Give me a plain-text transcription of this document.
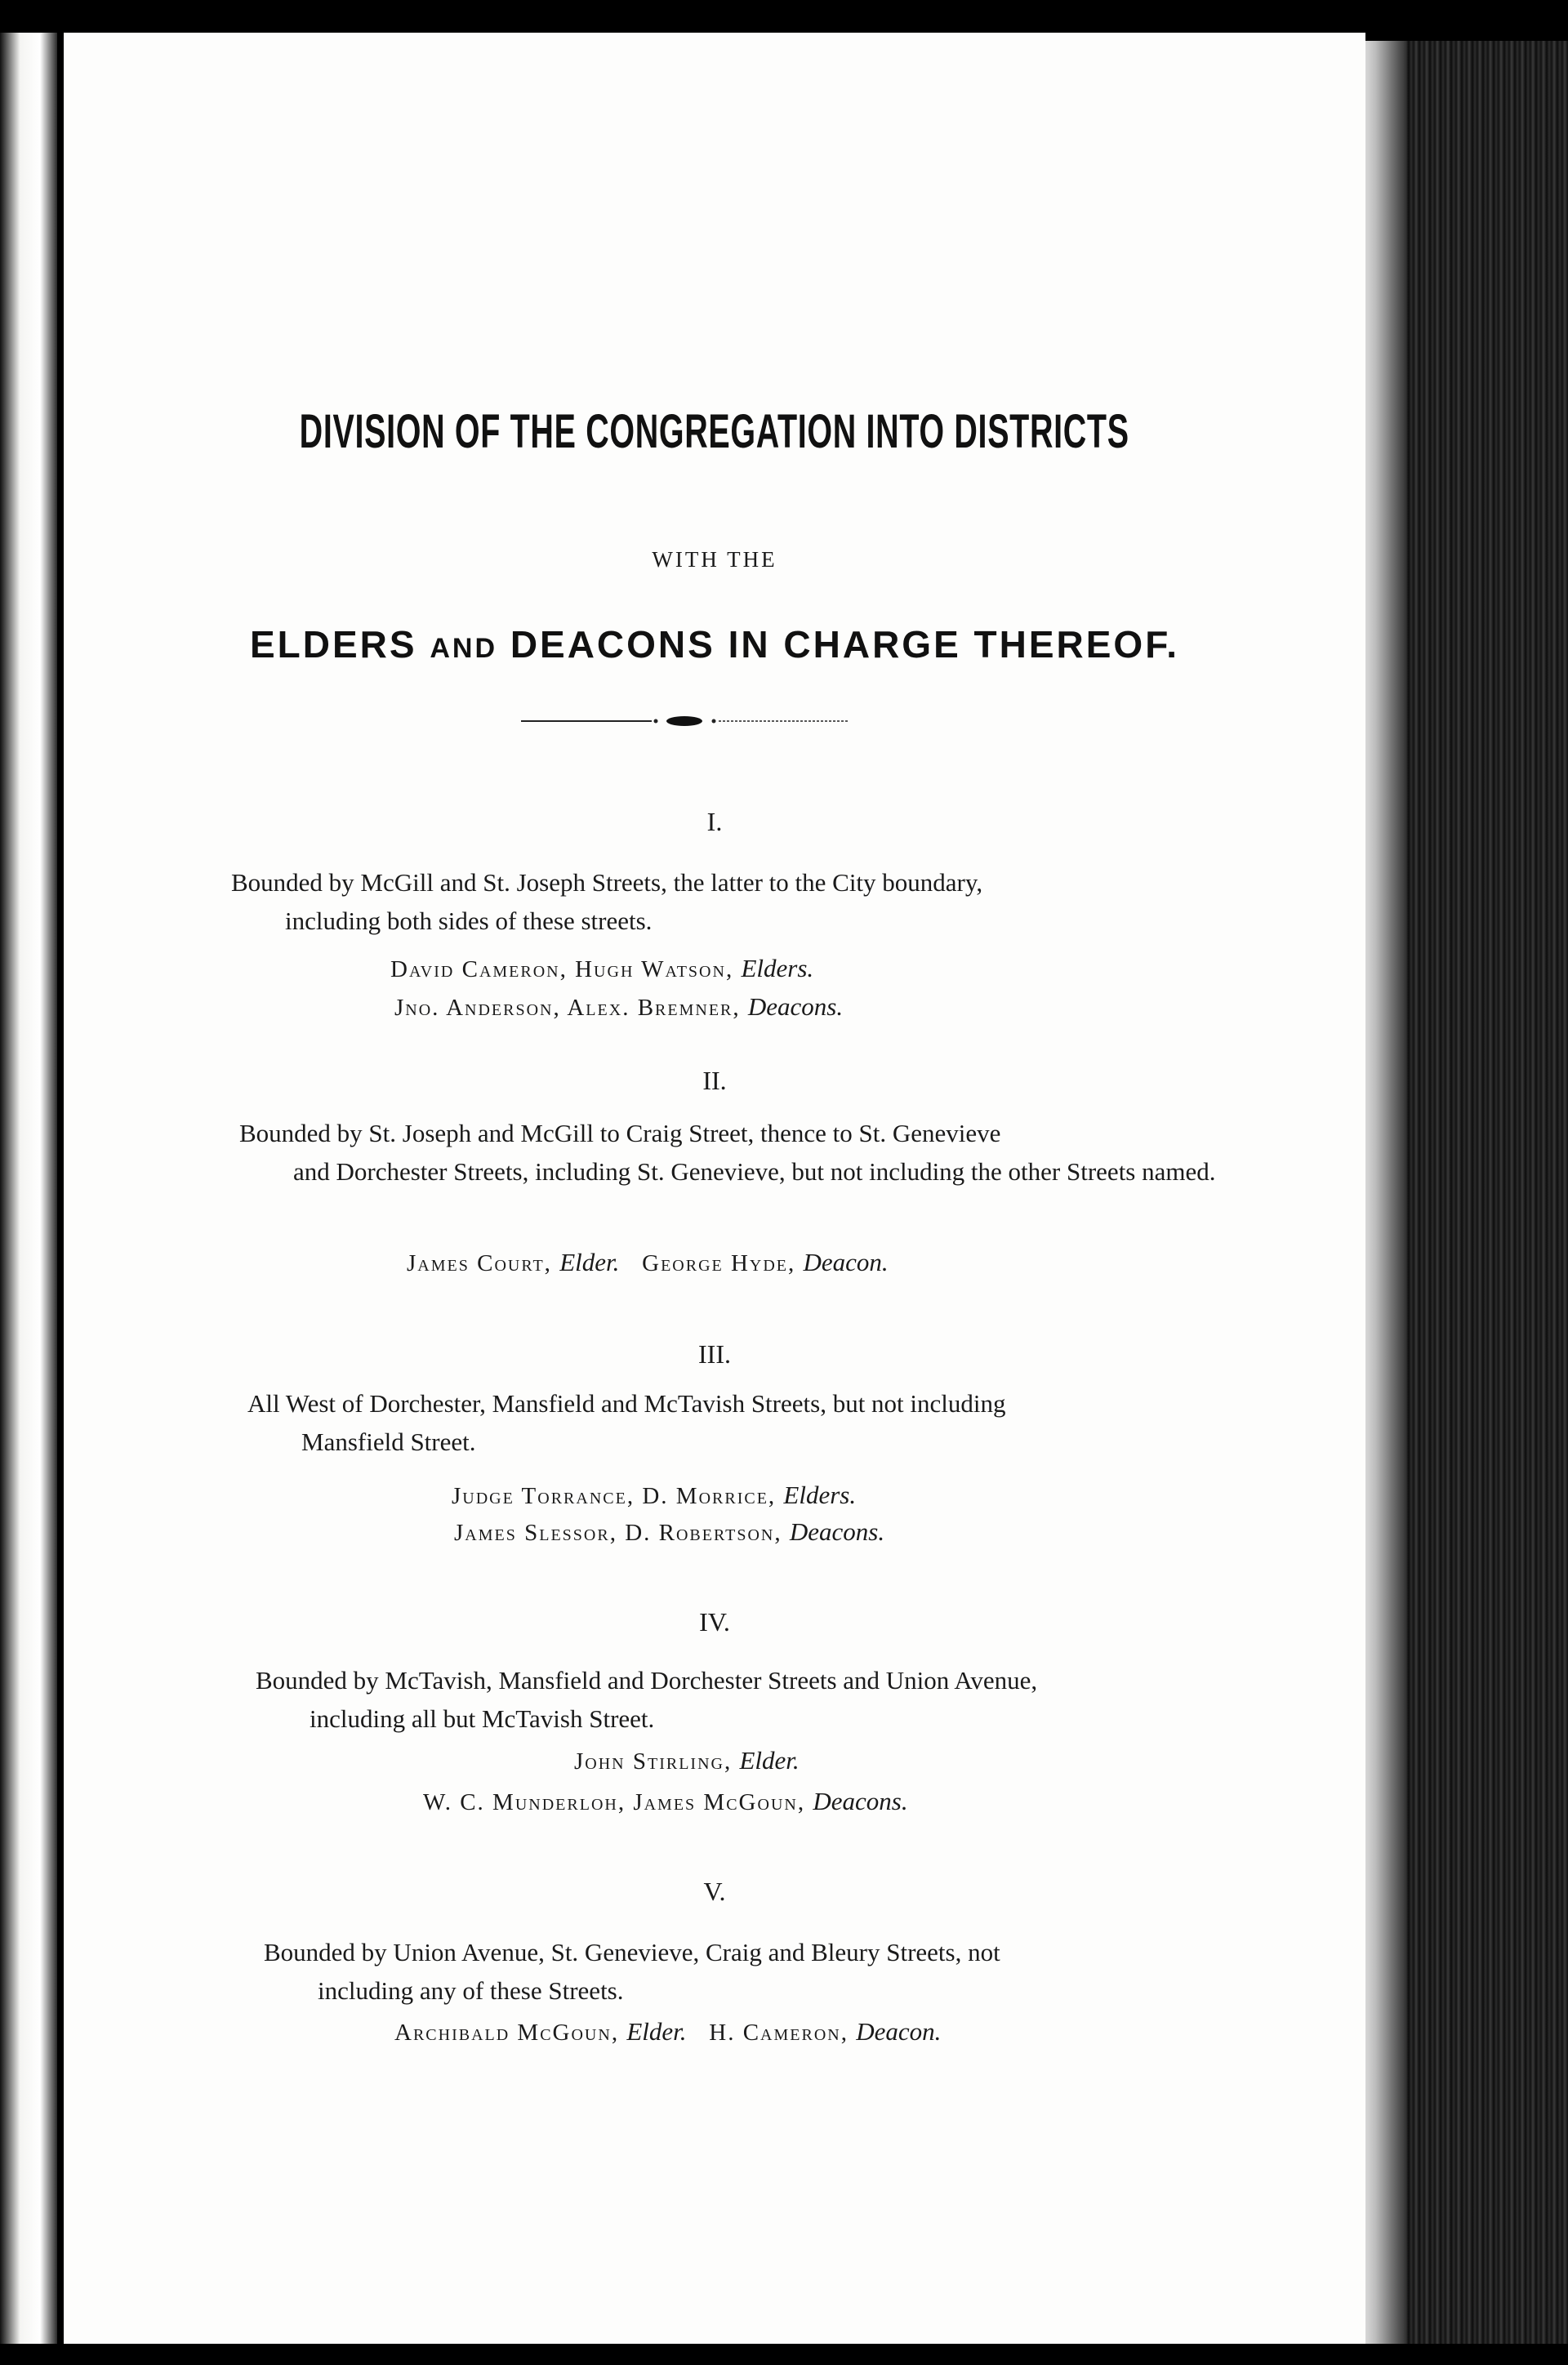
DIVISION OF THE CONGREGATION INTO DISTRICTS
WITH THE
ELDERS AND DEACONS IN CHARGE THEREOF.
I.

Bounded by McGill and St. Joseph Streets, the latter to the City boundary,
including both sides of these streets.

David Cameron, Hugh Watson, Elders.
Jno. Anderson, Alex. Bremner, Deacons.
II.

Bounded by St. Joseph and McGill to Craig Street, thence to St. Genevieve
and Dorchester Streets, including St. Genevieve, but not including the other Streets named.

James Court, Elder. George Hyde, Deacon.
III.

All West of Dorchester, Mansfield and McTavish Streets, but not including
Mansfield Street.

Judge Torrance, D. Morrice, Elders.
James Slessor, D. Robertson, Deacons.
IV.

Bounded by McTavish, Mansfield and Dorchester Streets and Union Avenue,
including all but McTavish Street.

John Stirling, Elder.
W. C. Munderloh, James McGoun, Deacons.
V.

Bounded by Union Avenue, St. Genevieve, Craig and Bleury Streets, not
including any of these Streets.

Archibald McGoun, Elder. H. Cameron, Deacon.
